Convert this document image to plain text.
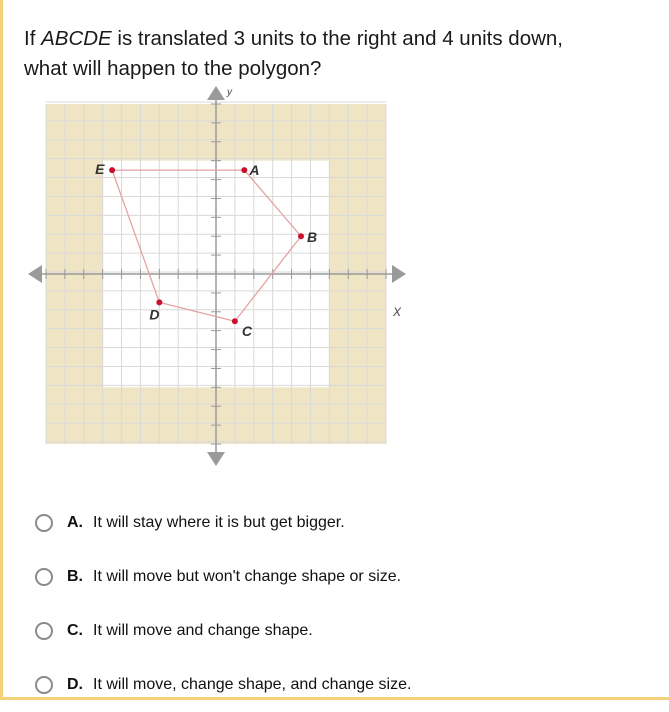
If ABCDE is translated 3 units to the right and 4 units down,
what will happen to the polygon?
X
y
A
B
C
D
E
A. It will stay where it is but get bigger.
B. It will move but won't change shape or size.
C. It will move and change shape.
D. It will move, change shape, and change size.
